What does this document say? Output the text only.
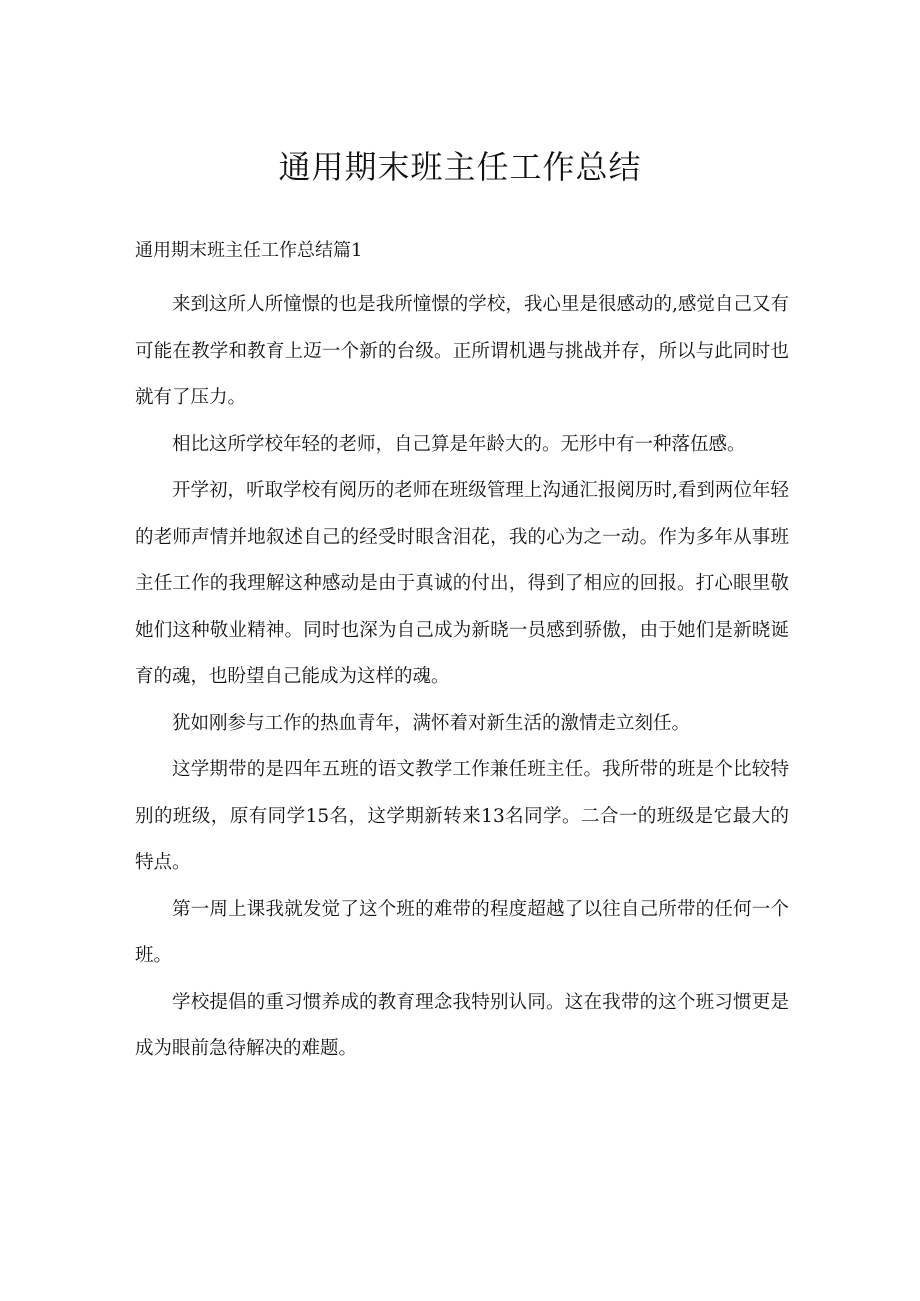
通用期末班主任工作总结

通用期末班主任工作总结篇1

来到这所人所憧憬的也是我所憧憬的学校，我心里是很感动的,感觉自己又有可能在教学和教育上迈一个新的台级。正所谓机遇与挑战并存，所以与此同时也就有了压力。

相比这所学校年轻的老师，自己算是年龄大的。无形中有一种落伍感。

开学初，听取学校有阅历的老师在班级管理上沟通汇报阅历时,看到两位年轻的老师声情并地叙述自己的经受时眼含泪花，我的心为之一动。作为多年从事班主任工作的我理解这种感动是由于真诚的付出，得到了相应的回报。打心眼里敬她们这种敬业精神。同时也深为自己成为新晓一员感到骄傲，由于她们是新晓诞育的魂，也盼望自己能成为这样的魂。

犹如刚参与工作的热血青年，满怀着对新生活的激情走立刻任。

这学期带的是四年五班的语文教学工作兼任班主任。我所带的班是个比较特别的班级，原有同学15名，这学期新转来13名同学。二合一的班级是它最大的特点。

第一周上课我就发觉了这个班的难带的程度超越了以往自己所带的任何一个班。

学校提倡的重习惯养成的教育理念我特别认同。这在我带的这个班习惯更是成为眼前急待解决的难题。
